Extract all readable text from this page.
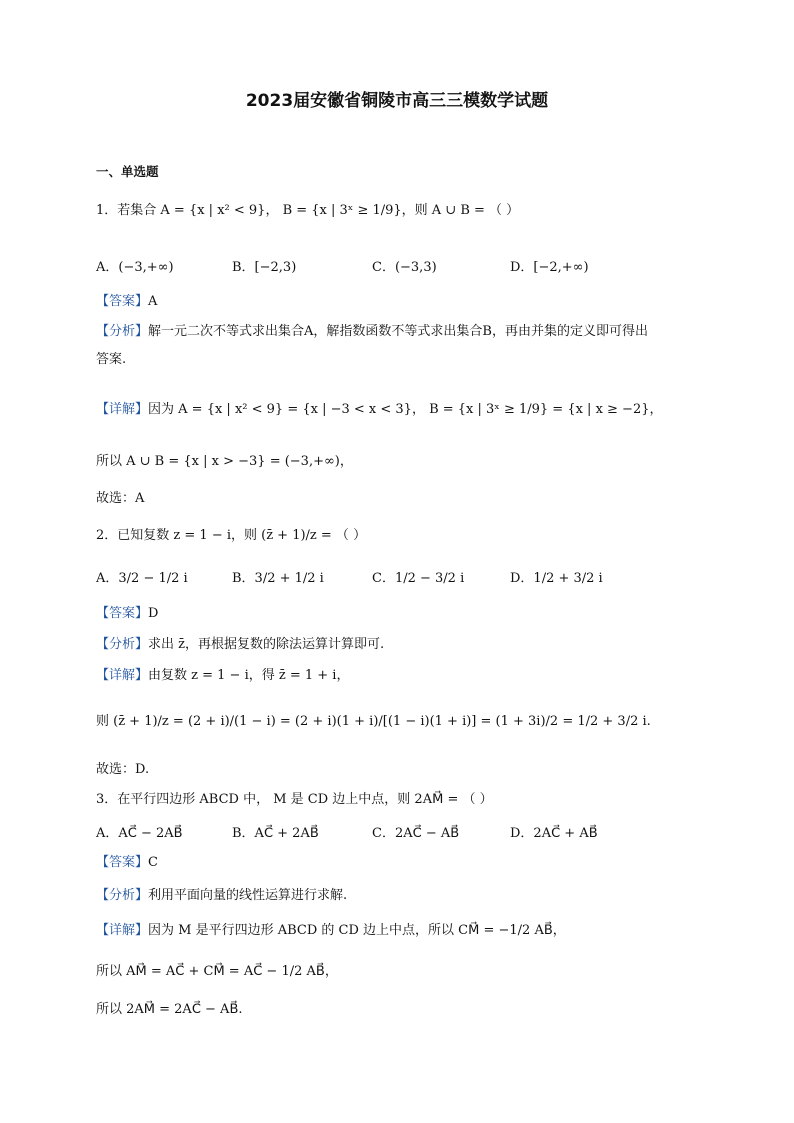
2023届安徽省铜陵市高三三模数学试题
一、单选题
1．若集合 A = {x | x² < 9}， B = {x | 3ˣ ≥ 1/9}，则 A ∪ B = （ ）
A．(−3,+∞)	B．[−2,3)	C．(−3,3)	D．[−2,+∞)
【答案】A
【分析】解一元二次不等式求出集合A，解指数函数不等式求出集合B，再由并集的定义即可得出
答案.
【详解】因为 A = {x | x² < 9} = {x | −3 < x < 3}， B = {x | 3ˣ ≥ 1/9} = {x | x ≥ −2}，
所以 A ∪ B = {x | x > −3} = (−3,+∞)，
故选：A
2．已知复数 z = 1 − i，则 (z̄ + 1)/z = （ ）
A．3/2 − 1/2 i	B．3/2 + 1/2 i	C．1/2 − 3/2 i	D．1/2 + 3/2 i
【答案】D
【分析】求出 z̄，再根据复数的除法运算计算即可.
【详解】由复数 z = 1 − i，得 z̄ = 1 + i，
则 (z̄ + 1)/z = (2 + i)/(1 − i) = (2 + i)(1 + i)/[(1 − i)(1 + i)] = (1 + 3i)/2 = 1/2 + 3/2 i.
故选：D.
3．在平行四边形 ABCD 中， M 是 CD 边上中点，则 2AM⃗ = （ ）
A．AC⃗ − 2AB⃗	B．AC⃗ + 2AB⃗	C．2AC⃗ − AB⃗	D．2AC⃗ + AB⃗
【答案】C
【分析】利用平面向量的线性运算进行求解.
【详解】因为 M 是平行四边形 ABCD 的 CD 边上中点，所以 CM⃗ = −1/2 AB⃗，
所以 AM⃗ = AC⃗ + CM⃗ = AC⃗ − 1/2 AB⃗，
所以 2AM⃗ = 2AC⃗ − AB⃗.
